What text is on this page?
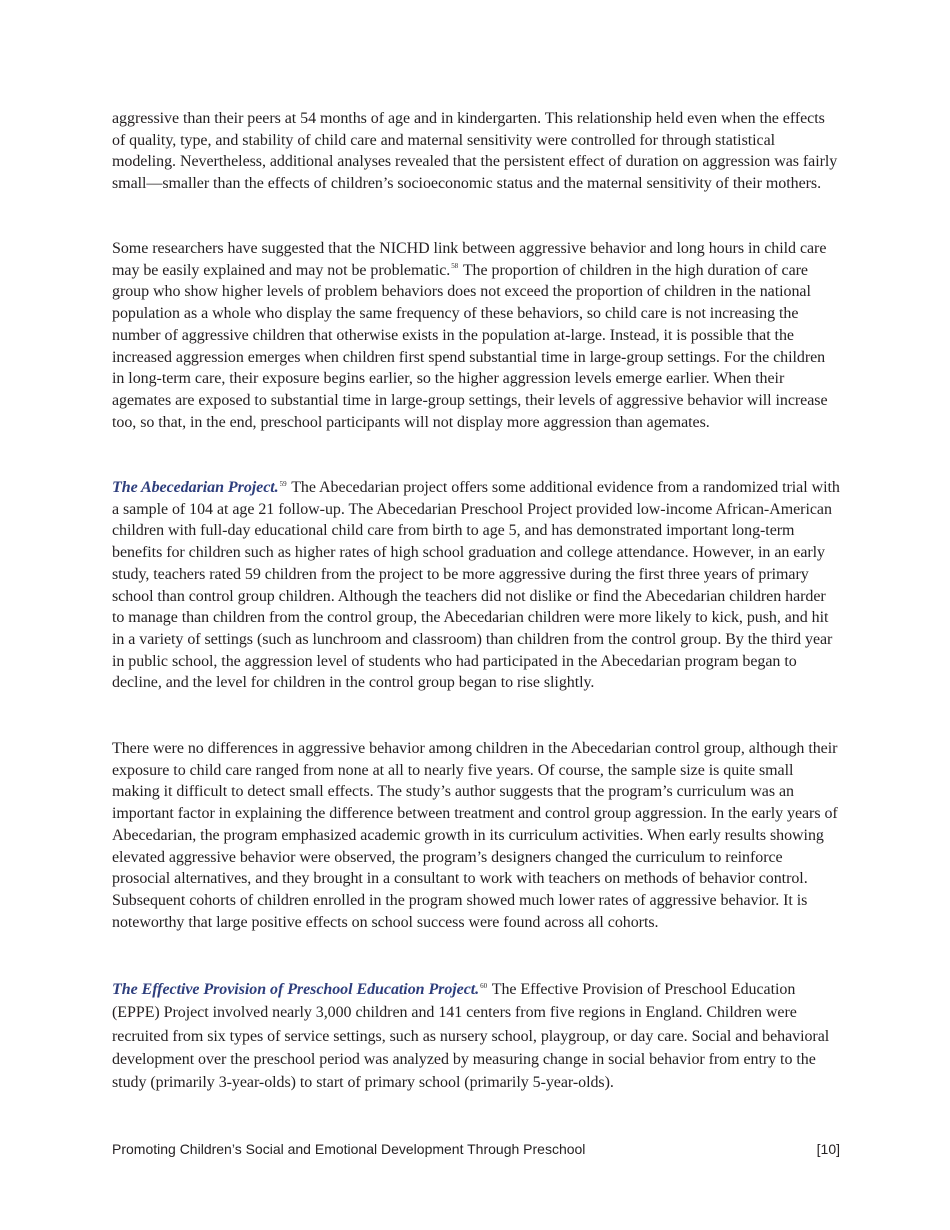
aggressive than their peers at 54 months of age and in kindergarten. This relationship held even when the effects of quality, type, and stability of child care and maternal sensitivity were controlled for through statistical modeling. Nevertheless, additional analyses revealed that the persistent effect of duration on aggression was fairly small—smaller than the effects of children’s socioeconomic status and the maternal sensitivity of their mothers.

Some researchers have suggested that the NICHD link between aggressive behavior and long hours in child care may be easily explained and may not be problematic.$^{58}$ The proportion of children in the high duration of care group who show higher levels of problem behaviors does not exceed the proportion of children in the national population as a whole who display the same frequency of these behaviors, so child care is not increasing the number of aggressive children that otherwise exists in the population at-large. Instead, it is possible that the increased aggression emerges when children first spend substantial time in large-group settings. For the children in long-term care, their exposure begins earlier, so the higher aggression levels emerge earlier. When their agemates are exposed to substantial time in large-group settings, their levels of aggressive behavior will increase too, so that, in the end, preschool participants will not display more aggression than agemates.

The Abecedarian Project.$^{59}$ The Abecedarian project offers some additional evidence from a randomized trial with a sample of 104 at age 21 follow-up. The Abecedarian Preschool Project provided low-income African-American children with full-day educational child care from birth to age 5, and has demonstrated important long-term benefits for children such as higher rates of high school graduation and college attendance. However, in an early study, teachers rated 59 children from the project to be more aggressive during the first three years of primary school than control group children. Although the teachers did not dislike or find the Abecedarian children harder to manage than children from the control group, the Abecedarian children were more likely to kick, push, and hit in a variety of settings (such as lunchroom and classroom) than children from the control group. By the third year in public school, the aggression level of students who had participated in the Abecedarian program began to decline, and the level for children in the control group began to rise slightly.

There were no differences in aggressive behavior among children in the Abecedarian control group, although their exposure to child care ranged from none at all to nearly five years. Of course, the sample size is quite small making it difficult to detect small effects. The study’s author suggests that the program’s curriculum was an important factor in explaining the difference between treatment and control group aggression. In the early years of Abecedarian, the program emphasized academic growth in its curriculum activities. When early results showing elevated aggressive behavior were observed, the program’s designers changed the curriculum to reinforce prosocial alternatives, and they brought in a consultant to work with teachers on methods of behavior control. Subsequent cohorts of children enrolled in the program showed much lower rates of aggressive behavior. It is noteworthy that large positive effects on school success were found across all cohorts.

The Effective Provision of Preschool Education Project.$^{60}$ The Effective Provision of Preschool Education (EPPE) Project involved nearly 3,000 children and 141 centers from five regions in England. Children were recruited from six types of service settings, such as nursery school, playgroup, or day care. Social and behavioral development over the preschool period was analyzed by measuring change in social behavior from entry to the study (primarily 3-year-olds) to start of primary school (primarily 5-year-olds).

Promoting Children’s Social and Emotional Development Through Preschool	[10]
